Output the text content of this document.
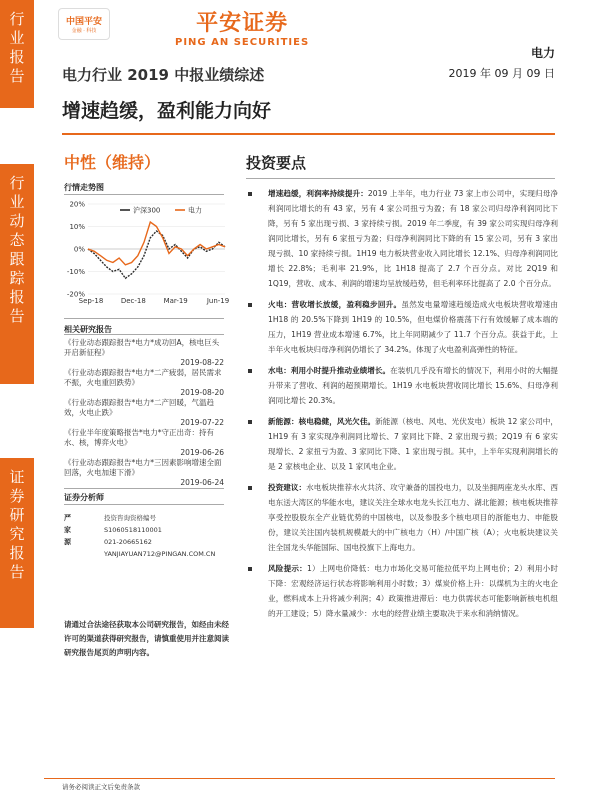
行
业
报
告
行
业
动
态
跟
踪
报
告
证
券
研
究
报
告
中国平安
金融 · 科技	平安证券
PING AN SECURITIES
电力
2019 年 09 月 09 日
电力行业 2019 中报业绩综述
增速趋缓，盈利能力向好
中性（维持）
行情走势图
20%
10%
0%
-10%
-20%
Sep-18	Dec-18	Mar-19	Jun-19
沪深300	电力
相关研究报告
《行业动态跟踪报告*电力*成功回A，核电巨头开启新征程》
2019-08-22
《行业动态跟踪报告*电力*二产疲弱，居民需求不振，火电重回跌势》
2019-08-20
《行业动态跟踪报告*电力*二产回暖，气温趋效，火电止跌》
2019-07-22
《行业半年度策略报告*电力*守正出奇：持有水、核，博弈火电》
2019-06-26
《行业动态跟踪报告*电力*三因素影响增速全面回落，火电加速下滑》
2019-06-24
证券分析师
严家源
投资咨询资格编号
S1060518110001
021-20665162
YANJIAYUAN712@PINGAN.COM.CN
请通过合法途径获取本公司研究报告，如经由未经许可的渠道获得研究报告，请慎重使用并注意阅读研究报告尾页的声明内容。
投资要点
增速趋缓，利润率持续提升：2019 上半年，电力行业 73 家上市公司中，实现归母净利润同比增长的有 43 家，另有 4 家公司扭亏为盈；有 18 家公司归母净利润同比下降，另有 5 家出现亏损、3 家持续亏损。2019 年二季度，有 39 家公司实现归母净利润同比增长，另有 6 家扭亏为盈；归母净利润同比下降的有 15 家公司，另有 3 家出现亏损、10 家持续亏损。1H19 电力板块营业收入同比增长 12.1%、归母净利润同比增长 22.8%；毛利率 21.9%，比 1H18 提高了 2.7 个百分点。对比 2Q19 和 1Q19，营收、成本、利润的增速均呈放缓趋势，但毛利率环比提高了 2.0 个百分点。
火电：营收增长放缓，盈利稳步回升。虽然发电量增速趋缓造成火电板块营收增速由 1H18 的 20.5%下降到 1H19 的 10.5%，但电煤价格震荡下行有效缓解了成本端的压力，1H19 营业成本增速 6.7%，比上年同期减少了 11.7 个百分点。获益于此，上半年火电板块归母净利润仍增长了 34.2%。体现了火电盈利高弹性的特征。
水电：利用小时提升推动业绩增长。在装机几乎没有增长的情况下，利用小时的大幅提升带来了营收、利润的超预期增长。1H19 水电板块营收同比增长 15.6%、归母净利润同比增长 20.3%。
新能源：核电稳健，风光欠佳。新能源（核电、风电、光伏发电）板块 12 家公司中，1H19 有 3 家实现净利润同比增长、7 家同比下降、2 家出现亏损；2Q19 有 6 家实现增长、2 家扭亏为盈、3 家同比下降、1 家出现亏损。其中，上半年实现利润增长的是 2 家核电企业、以及 1 家风电企业。
投资建议：水电板块推荐水火共济、攻守兼备的国投电力，以及坐拥两座龙头水库、西电东送大湾区的华能水电，建议关注全球水电龙头长江电力、湖北能源；核电板块推荐享受控股股东全产业链优势的中国核电，以及参股多个核电项目的浙能电力、申能股份，建议关注国内装机规模最大的中广核电力（H）/中国广核（A）；火电板块建议关注全国龙头华能国际、国电投旗下上海电力。
风险提示：1）上网电价降低：电力市场化交易可能拉低平均上网电价；2）利用小时下降：宏观经济运行状态将影响利用小时数；3）煤炭价格上升：以煤机为主的火电企业，燃料成本上升将减少利润；4）政策推进滞后：电力供需状态可能影响新核电机组的开工建设；5）降水量减少：水电的经营业绩主要取决于来水和消纳情况。
请务必阅读正文后免责条款
